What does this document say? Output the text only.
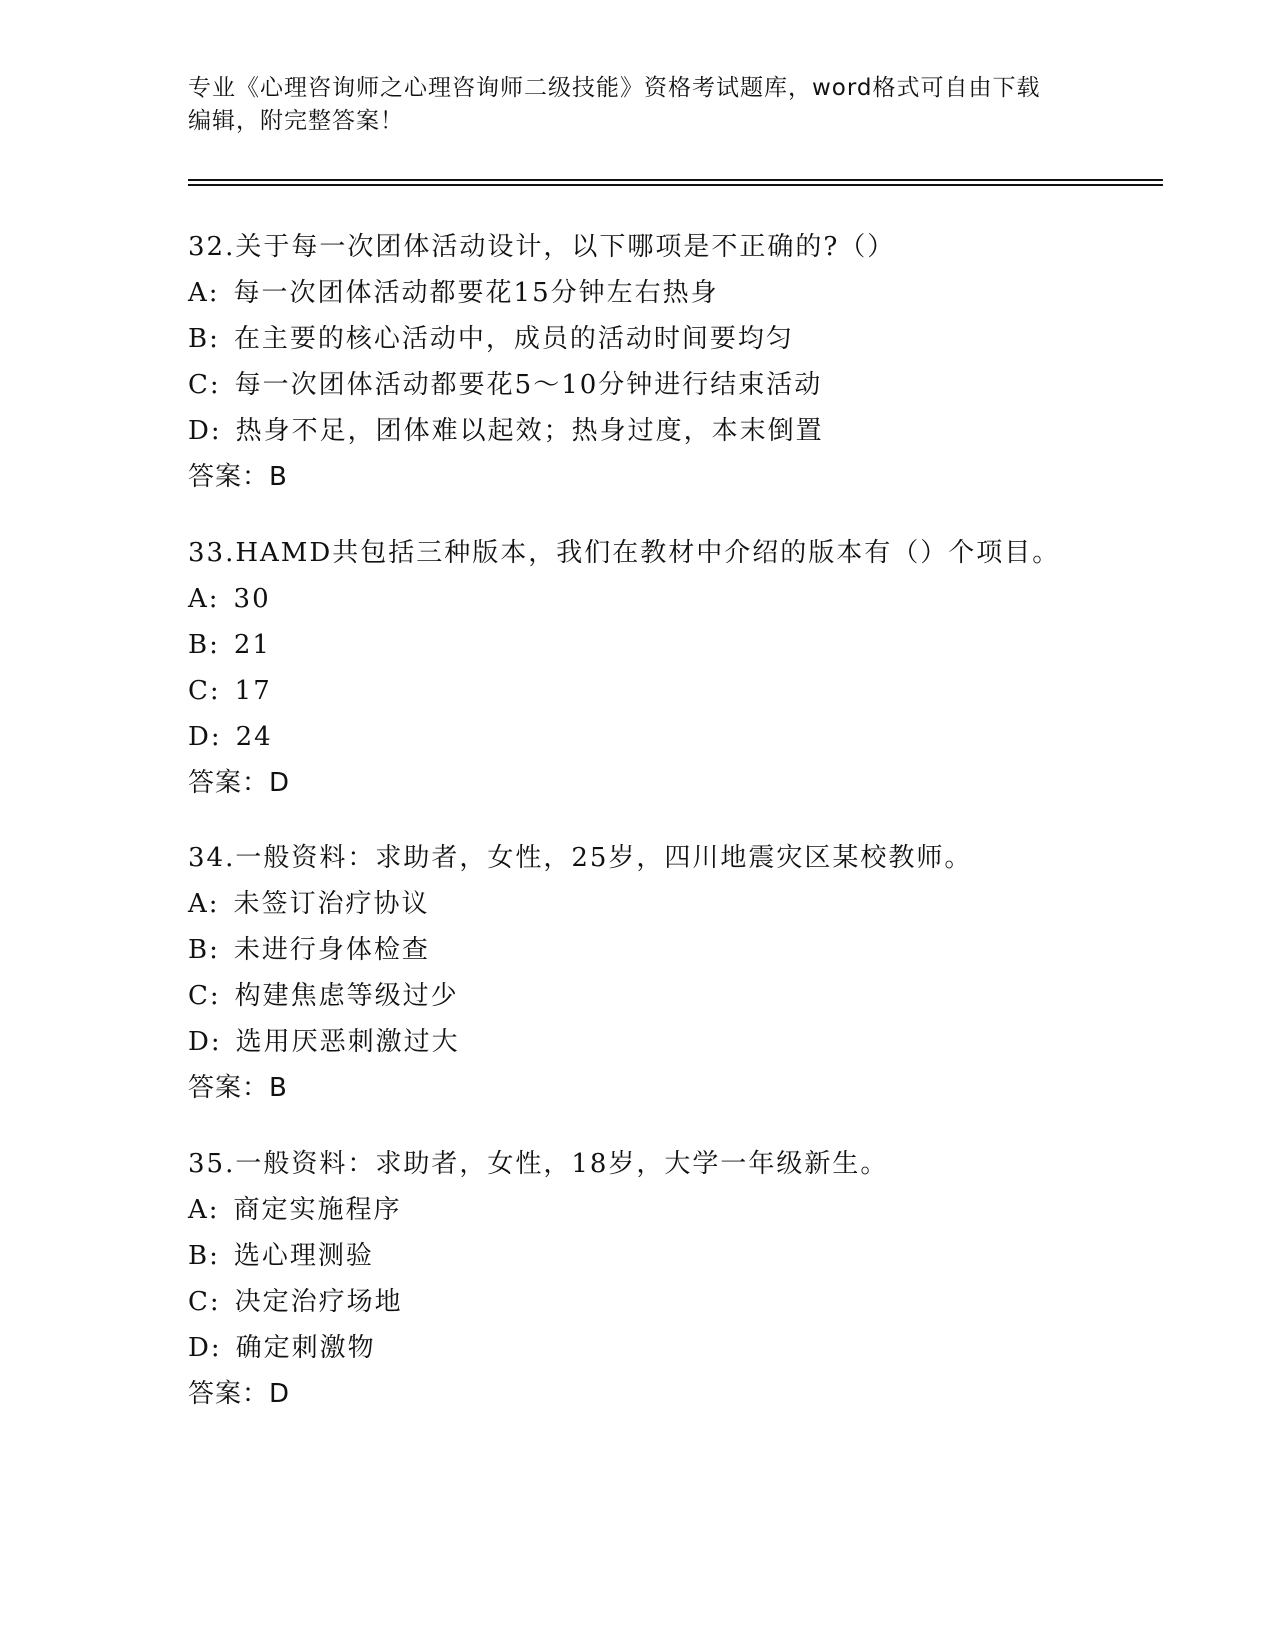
专业《心理咨询师之心理咨询师二级技能》资格考试题库，word格式可自由下载
编辑，附完整答案！
32.关于每一次团体活动设计，以下哪项是不正确的?（）
A: 每一次团体活动都要花15分钟左右热身
B: 在主要的核心活动中，成员的活动时间要均匀
C: 每一次团体活动都要花5～10分钟进行结束活动
D: 热身不足，团体难以起效；热身过度，本末倒置
答案：B
33.HAMD共包括三种版本，我们在教材中介绍的版本有（）个项目。
A: 30
B: 21
C: 17
D: 24
答案：D
34.一般资料：求助者，女性，25岁，四川地震灾区某校教师。
A: 未签订治疗协议
B: 未进行身体检查
C: 构建焦虑等级过少
D: 选用厌恶刺激过大
答案：B
35.一般资料：求助者，女性，18岁，大学一年级新生。
A: 商定实施程序
B: 选心理测验
C: 决定治疗场地
D: 确定刺激物
答案：D
